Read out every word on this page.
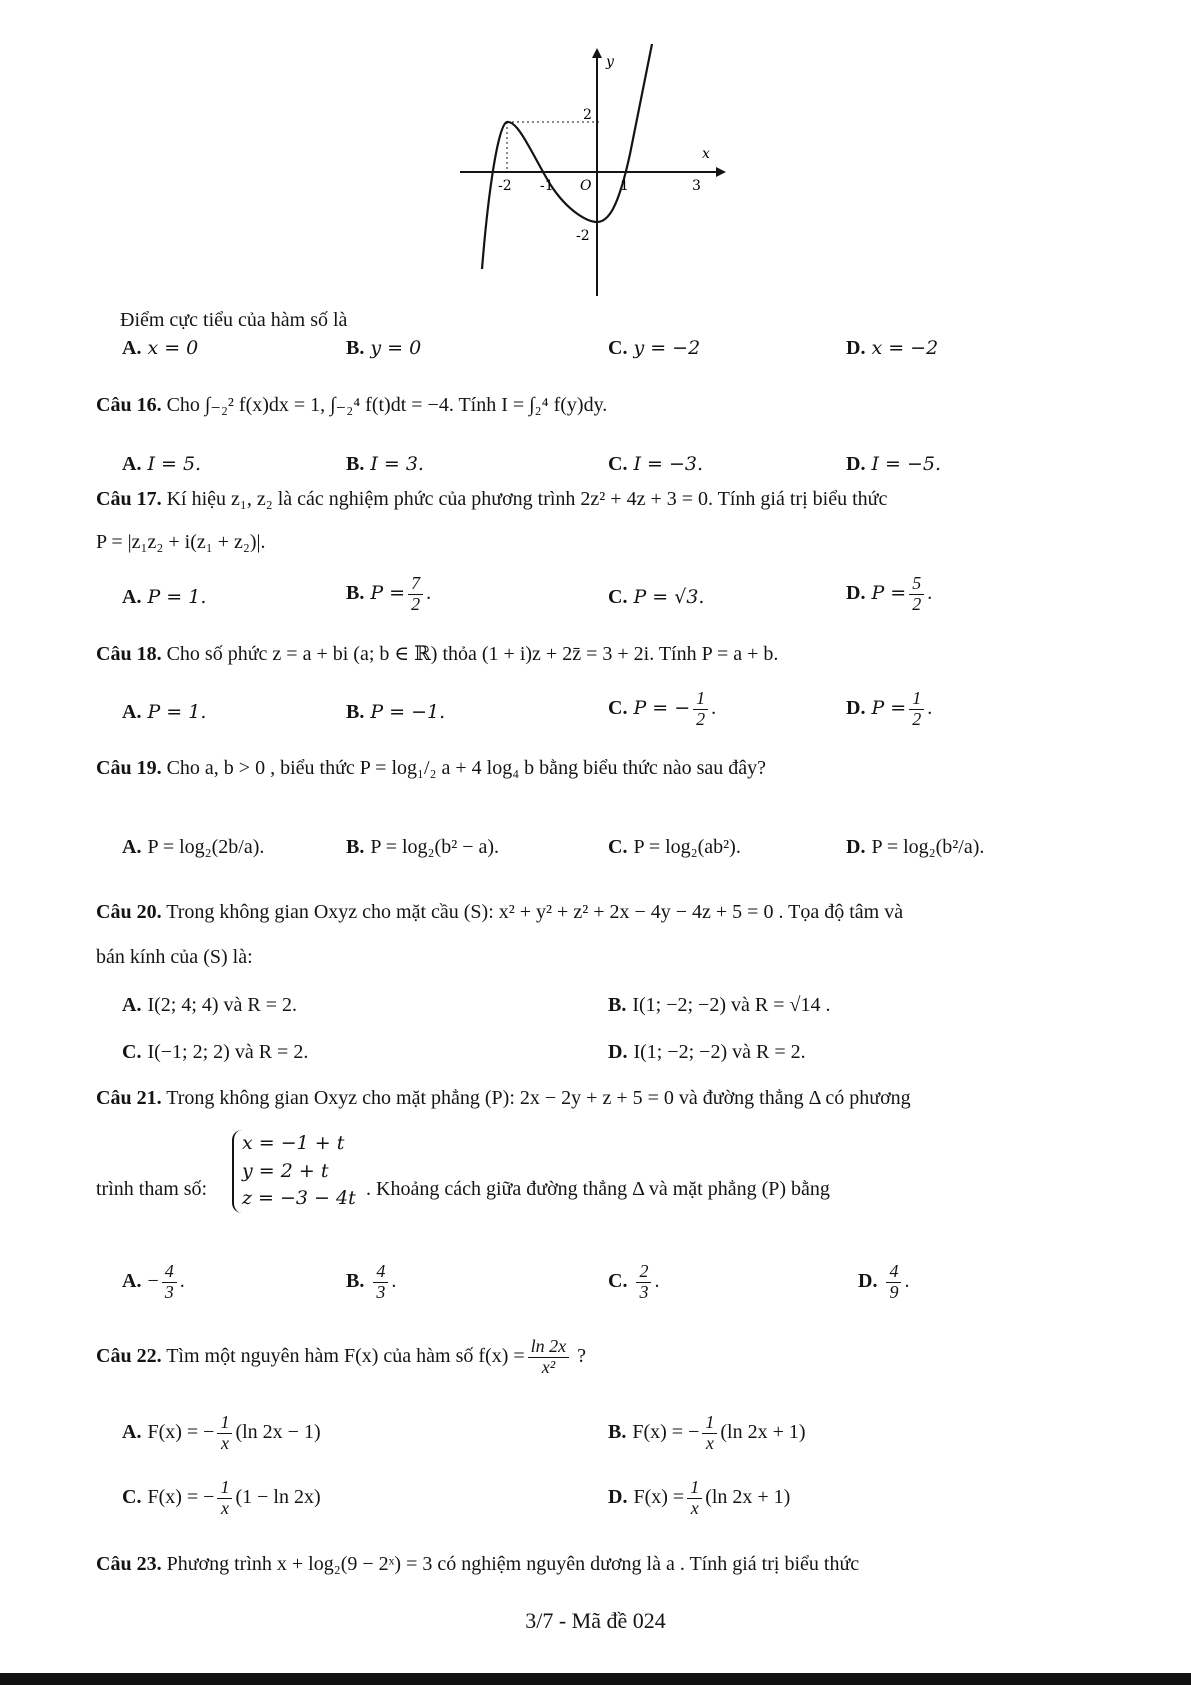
y
x
2
-2 -1 O 1	3
-2
Điểm cực tiểu của hàm số là
A. x = 0	B. y = 0	C. y = −2	D. x = −2
Câu 16. Cho ∫₋₂² f(x)dx = 1, ∫₋₂⁴ f(t)dt = −4. Tính I = ∫₂⁴ f(y)dy.
A. I = 5.	B. I = 3.	C. I = −3.	D. I = −5.
Câu 17. Kí hiệu z₁, z₂ là các nghiệm phức của phương trình 2z² + 4z + 3 = 0. Tính giá trị biểu thức
P = |z₁z₂ + i(z₁ + z₂)|.
A. P = 1.	B. $P = \frac{7}{2}$ .	C. P = √3.	D. $P = \frac{5}{2}$ .
Câu 18. Cho số phức z = a + bi (a; b ∈ ℝ) thỏa (1 + i)z + 2z̄ = 3 + 2i. Tính P = a + b.
A. P = 1.	B. P = −1.	C. P = − $\frac{1}{2}$ .	D. $P = \frac{1}{2}$ .
Câu 19. Cho a, b > 0 , biểu thức P = log₁/₂ a + 4 log₄ b bằng biểu thức nào sau đây?
A. P = log₂(2b/a).	B. P = log₂(b² − a).	C. P = log₂(ab²).	D. P = log₂(b²/a).
Câu 20. Trong không gian Oxyz cho mặt cầu (S): x² + y² + z² + 2x − 4y − 4z + 5 = 0 . Tọa độ tâm và
bán kính của (S) là:
A. I(2; 4; 4) và R = 2.	B. I(1; −2; −2) và R = √14 .
C. I(−1; 2; 2) và R = 2.	D. I(1; −2; −2) và R = 2.
Câu 21. Trong không gian Oxyz cho mặt phẳng (P): 2x − 2y + z + 5 = 0 và đường thẳng Δ có phương
trình tham số:
x = −1 + t
y = 2 + t
z = −3 − 4t . Khoảng cách giữa đường thẳng Δ và mặt phẳng (P) bằng
A. − $\frac{4}{3}$ .	B. $\frac{4}{3}$ .	C. $\frac{2}{3}$ .	D. $\frac{4}{9}$ .
Câu 22. Tìm một nguyên hàm F(x) của hàm số $f(x) = \frac{\ln 2x}{\text{x²}}$ ?
A. F(x) = − $\frac{1}{x} (\ln$ 2x − 1)	B. F(x) = − $\frac{1}{x} (\ln$ 2x + 1)
C. F(x) = − $\frac{1}{x} (1 - \ln 2x)$	D. $F(x) = \frac{1}{x} (\ln$ 2x + 1)
Câu 23. Phương trình x + log₂(9 − 2ˣ) = 3 có nghiệm nguyên dương là a . Tính giá trị biểu thức
3/7 - Mã đề 024
